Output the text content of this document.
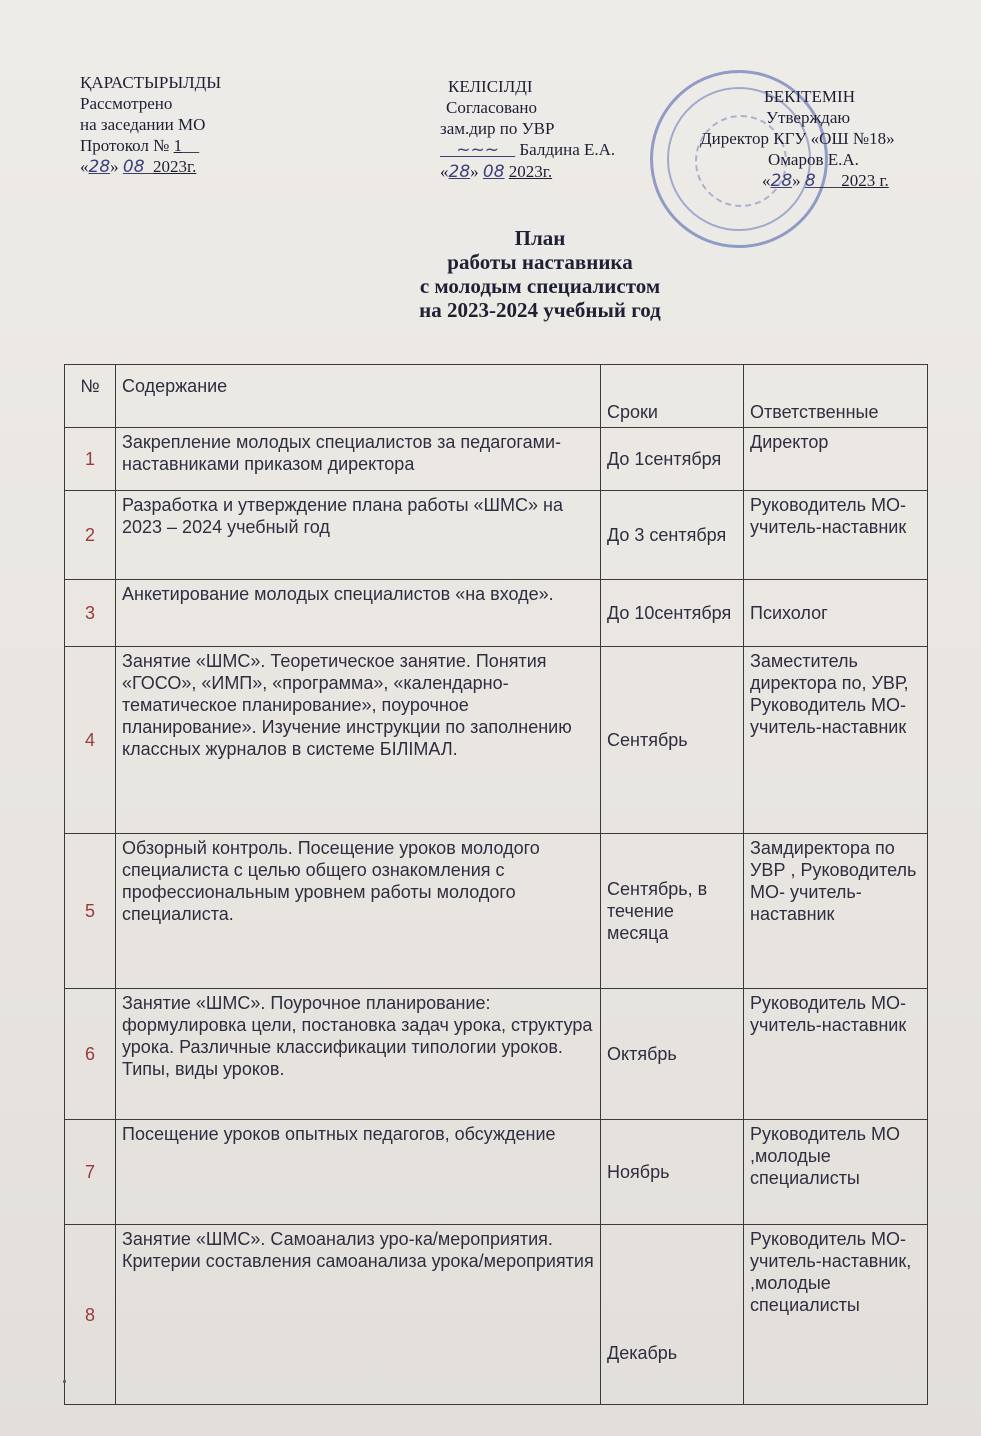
ҚАРАСТЫРЫЛДЫ
Рассмотрено
на заседании МО
Протокол № 1__
«28» 08_2023г.
КЕЛІСІЛДІ
Согласовано
зам.дир по УВР
~~~    Балдина Е.А.
«28» 08 2023г.
БЕКІТЕМІН
Утверждаю
Директор КГУ «ОШ №18»
Омаров Е.А.
«28» 8___2023 г.
План
работы наставника
с молодым специалистом
на 2023-2024 учебный год
№	Содержание	Сроки	Ответственные
1	Закрепление молодых специалистов за педагогами-наставниками приказом директора	До 1сентября	Директор
2	Разработка и утверждение плана работы «ШМС» на 2023 – 2024 учебный год	До 3 сентября	Руководитель МО- учитель-наставник
3	Анкетирование молодых специалистов «на входе».	До 10сентября	Психолог
4	Занятие «ШМС». Теоретическое занятие. Понятия «ГОСО», «ИМП», «программа», «календарно-тематическое планирование», поурочное планирование». Изучение инструкции по заполнению классных журналов в системе БІЛІМАЛ.	Сентябрь	Заместитель директора по, УВР, Руководитель МО- учитель-наставник
5	Обзорный контроль. Посещение уроков молодого специалиста с целью общего ознакомления с профессиональным уровнем работы молодого специалиста.	Сентябрь, в течение месяца	Замдиректора по УВР , Руководитель МО- учитель-наставник
6	Занятие «ШМС». Поурочное планирование: формулировка цели, постановка задач урока, структура урока. Различные классификации типологии уроков. Типы, виды уроков.	Октябрь	Руководитель МО- учитель-наставник
7	Посещение уроков опытных педагогов, обсуждение	Ноябрь	Руководитель МО ,молодые специалисты
8	Занятие «ШМС». Самоанализ уро-ка/мероприятия. Критерии составления самоанализа урока/мероприятия	Декабрь	Руководитель МО- учитель-наставник, ,молодые специалисты
